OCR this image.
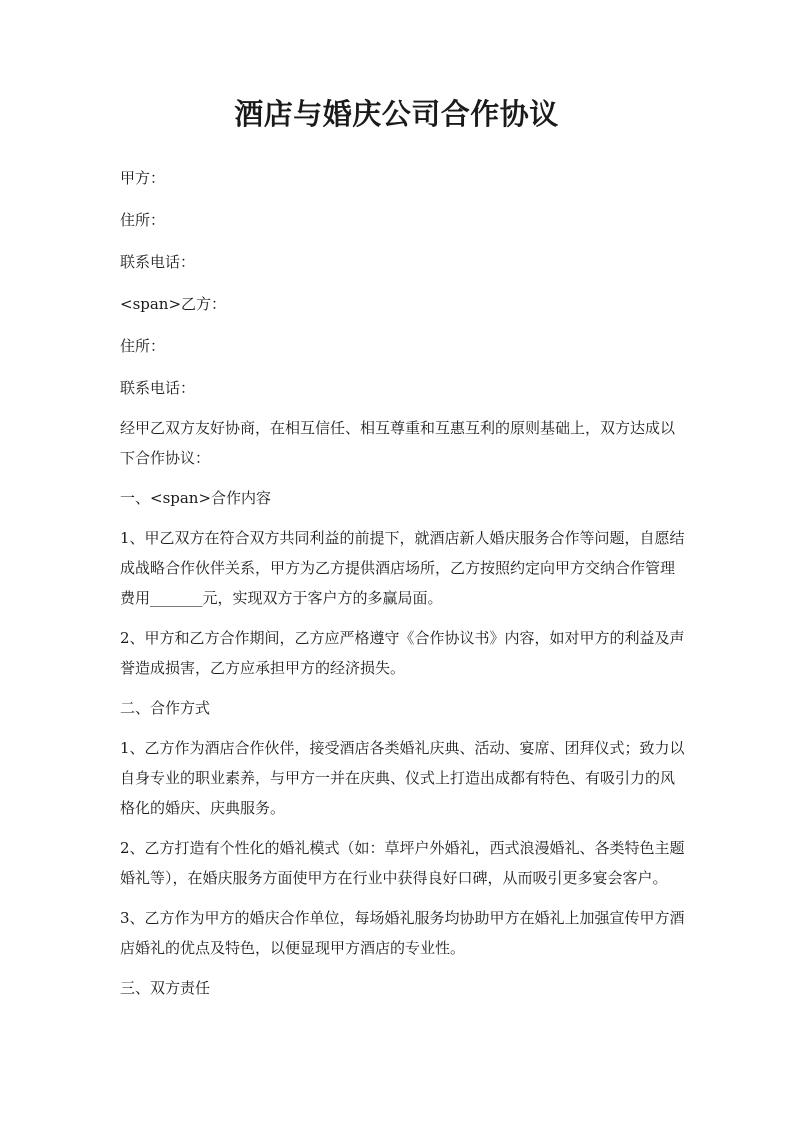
酒店与婚庆公司合作协议

甲方：

住所：

联系电话：

<span>乙方：

住所：

联系电话：

经甲乙双方友好协商，在相互信任、相互尊重和互惠互利的原则基础上，双方达成以
下合作协议：

一、<span>合作内容

1、甲乙双方在符合双方共同利益的前提下，就酒店新人婚庆服务合作等问题，自愿结
成战略合作伙伴关系，甲方为乙方提供酒店场所，乙方按照约定向甲方交纳合作管理
费用_______元，实现双方于客户方的多赢局面。
2、甲方和乙方合作期间，乙方应严格遵守《合作协议书》内容，如对甲方的利益及声
誉造成损害，乙方应承担甲方的经济损失。

二、合作方式

1、乙方作为酒店合作伙伴，接受酒店各类婚礼庆典、活动、宴席、团拜仪式；致力以
自身专业的职业素养，与甲方一并在庆典、仪式上打造出成都有特色、有吸引力的风
格化的婚庆、庆典服务。
2、乙方打造有个性化的婚礼模式（如：草坪户外婚礼，西式浪漫婚礼、各类特色主题
婚礼等），在婚庆服务方面使甲方在行业中获得良好口碑，从而吸引更多宴会客户。
3、乙方作为甲方的婚庆合作单位，每场婚礼服务均协助甲方在婚礼上加强宣传甲方酒
店婚礼的优点及特色，以便显现甲方酒店的专业性。

三、双方责任
